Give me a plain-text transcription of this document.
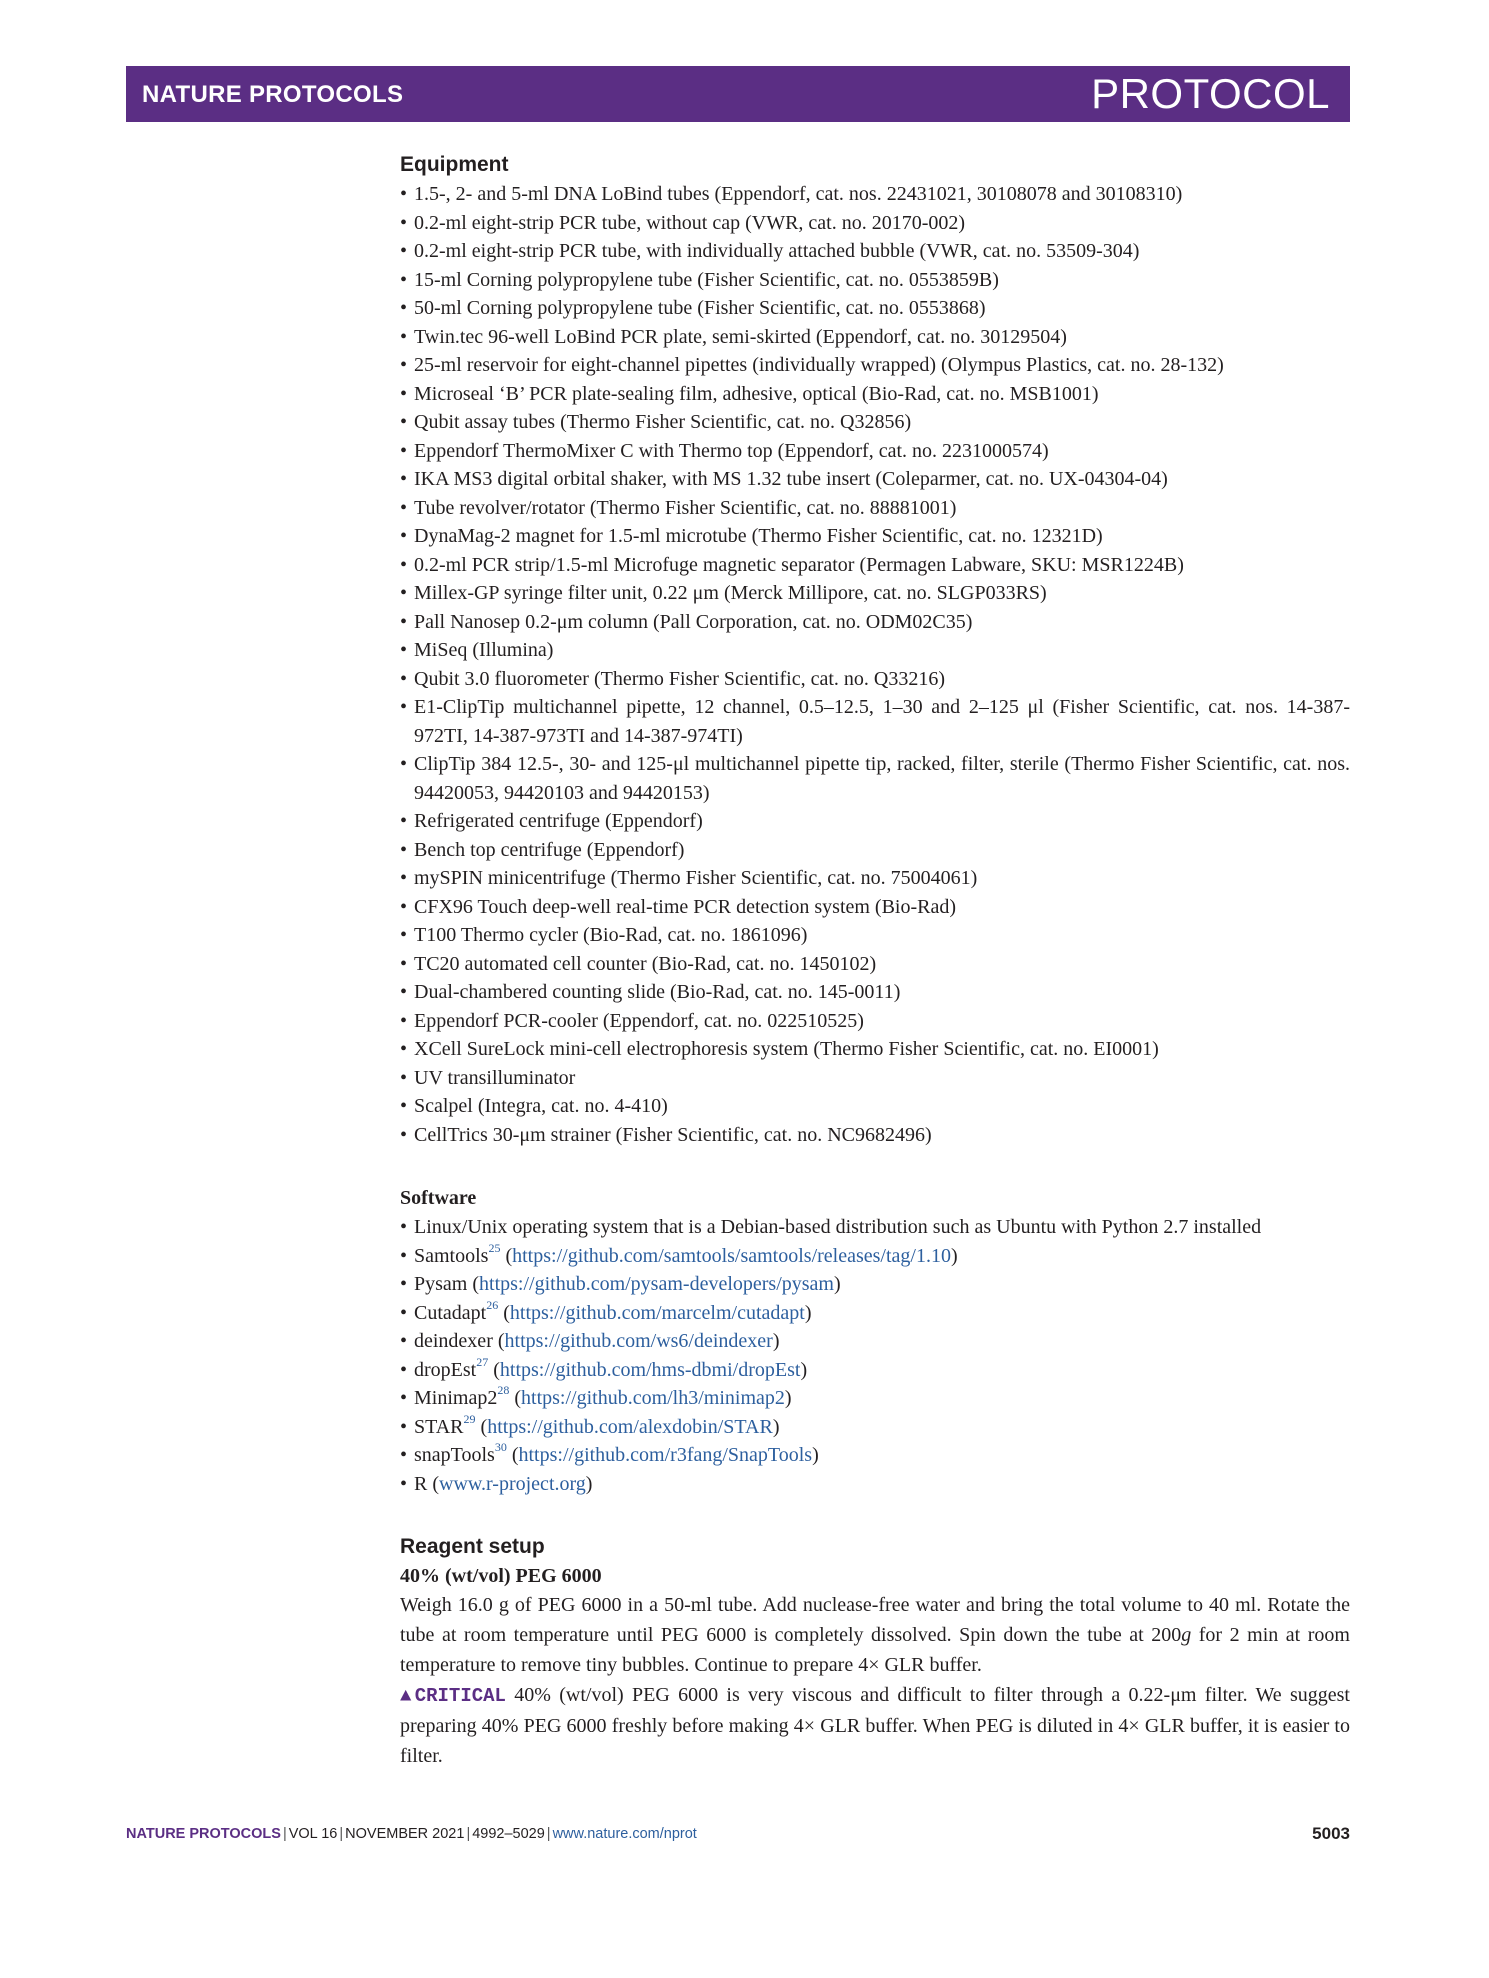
NATURE PROTOCOLS	PROTOCOL
Equipment
• 1.5-, 2- and 5-ml DNA LoBind tubes (Eppendorf, cat. nos. 22431021, 30108078 and 30108310)
• 0.2-ml eight-strip PCR tube, without cap (VWR, cat. no. 20170-002)
• 0.2-ml eight-strip PCR tube, with individually attached bubble (VWR, cat. no. 53509-304)
• 15-ml Corning polypropylene tube (Fisher Scientific, cat. no. 0553859B)
• 50-ml Corning polypropylene tube (Fisher Scientific, cat. no. 0553868)
• Twin.tec 96-well LoBind PCR plate, semi-skirted (Eppendorf, cat. no. 30129504)
• 25-ml reservoir for eight-channel pipettes (individually wrapped) (Olympus Plastics, cat. no. 28-132)
• Microseal ‘B’ PCR plate-sealing film, adhesive, optical (Bio-Rad, cat. no. MSB1001)
• Qubit assay tubes (Thermo Fisher Scientific, cat. no. Q32856)
• Eppendorf ThermoMixer C with Thermo top (Eppendorf, cat. no. 2231000574)
• IKA MS3 digital orbital shaker, with MS 1.32 tube insert (Coleparmer, cat. no. UX-04304-04)
• Tube revolver/rotator (Thermo Fisher Scientific, cat. no. 88881001)
• DynaMag-2 magnet for 1.5-ml microtube (Thermo Fisher Scientific, cat. no. 12321D)
• 0.2-ml PCR strip/1.5-ml Microfuge magnetic separator (Permagen Labware, SKU: MSR1224B)
• Millex-GP syringe filter unit, 0.22 μm (Merck Millipore, cat. no. SLGP033RS)
• Pall Nanosep 0.2-μm column (Pall Corporation, cat. no. ODM02C35)
• MiSeq (Illumina)
• Qubit 3.0 fluorometer (Thermo Fisher Scientific, cat. no. Q33216)
• E1-ClipTip multichannel pipette, 12 channel, 0.5–12.5, 1–30 and 2–125 μl (Fisher Scientific, cat. nos. 14-387-972TI, 14-387-973TI and 14-387-974TI)
• ClipTip 384 12.5-, 30- and 125-μl multichannel pipette tip, racked, filter, sterile (Thermo Fisher Scientific, cat. nos. 94420053, 94420103 and 94420153)
• Refrigerated centrifuge (Eppendorf)
• Bench top centrifuge (Eppendorf)
• mySPIN minicentrifuge (Thermo Fisher Scientific, cat. no. 75004061)
• CFX96 Touch deep-well real-time PCR detection system (Bio-Rad)
• T100 Thermo cycler (Bio-Rad, cat. no. 1861096)
• TC20 automated cell counter (Bio-Rad, cat. no. 1450102)
• Dual-chambered counting slide (Bio-Rad, cat. no. 145-0011)
• Eppendorf PCR-cooler (Eppendorf, cat. no. 022510525)
• XCell SureLock mini-cell electrophoresis system (Thermo Fisher Scientific, cat. no. EI0001)
• UV transilluminator
• Scalpel (Integra, cat. no. 4-410)
• CellTrics 30-μm strainer (Fisher Scientific, cat. no. NC9682496)
Software
• Linux/Unix operating system that is a Debian-based distribution such as Ubuntu with Python 2.7 installed
• Samtools$^{25}$ (https://github.com/samtools/samtools/releases/tag/1.10)
• Pysam (https://github.com/pysam-developers/pysam)
• Cutadapt$^{26}$ (https://github.com/marcelm/cutadapt)
• deindexer (https://github.com/ws6/deindexer)
• dropEst$^{27}$ (https://github.com/hms-dbmi/dropEst)
• $Minimap2^{28}$ (https://github.com/lh3/minimap2)
• STAR$^{29}$ (https://github.com/alexdobin/STAR)
• snapTools$^{30}$ (https://github.com/r3fang/SnapTools)
• R (www.r-project.org)
Reagent setup
40% (wt/vol) PEG 6000

Weigh 16.0 g of PEG 6000 in a 50-ml tube. Add nuclease-free water and bring the total volume to 40 ml. Rotate the tube at room temperature until PEG 6000 is completely dissolved. Spin down the tube at 200g for 2 min at room temperature to remove tiny bubbles. Continue to prepare 4× GLR buffer.
▲CRITICAL 40% (wt/vol) PEG 6000 is very viscous and difficult to filter through a 0.22-μm filter. We suggest preparing 40% PEG 6000 freshly before making 4× GLR buffer. When PEG is diluted in 4× GLR buffer, it is easier to filter.

NATURE PROTOCOLS | VOL 16 | NOVEMBER 2021 | 4992–5029 | www.nature.com/nprot	5003
